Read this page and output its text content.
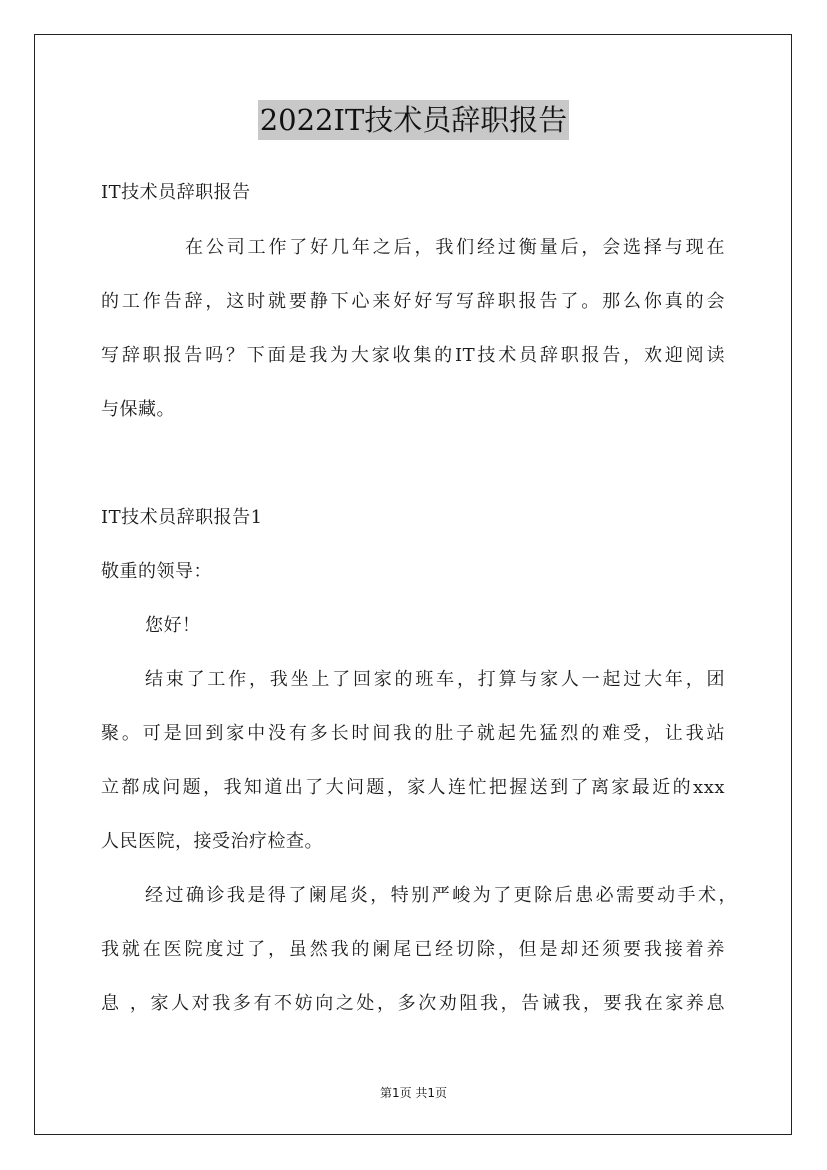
2022IT技术员辞职报告
IT技术员辞职报告
在公司工作了好几年之后，我们经过衡量后，会选择与现在
的工作告辞，这时就要静下心来好好写写辞职报告了。那么你真的会
写辞职报告吗？下面是我为大家收集的IT技术员辞职报告，欢迎阅读
与保藏。
IT技术员辞职报告1
敬重的领导：
您好！
结束了工作，我坐上了回家的班车，打算与家人一起过大年，团
聚。可是回到家中没有多长时间我的肚子就起先猛烈的难受，让我站
立都成问题，我知道出了大问题，家人连忙把握送到了离家最近的xxx
人民医院，接受治疗检查。
经过确诊我是得了阑尾炎，特别严峻为了更除后患必需要动手术，
我就在医院度过了，虽然我的阑尾已经切除，但是却还须要我接着养
息 ，家人对我多有不妨向之处，多次劝阻我，告诫我，要我在家养息
第1页 共1页
